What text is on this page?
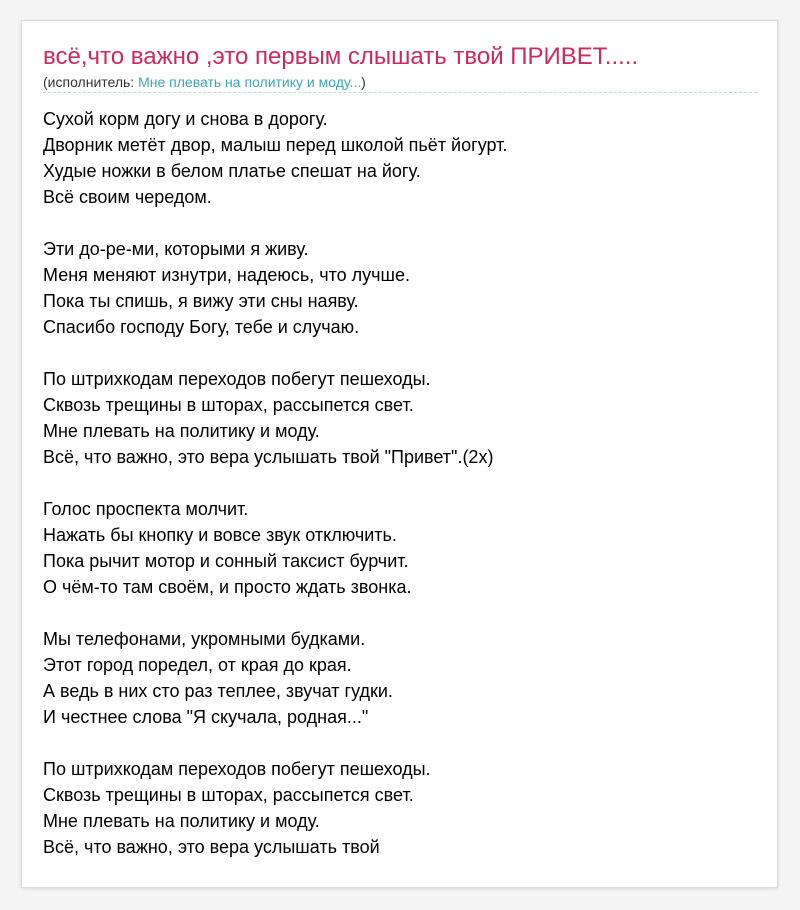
всё,что важно ,это первым слышать твой ПРИВЕТ.....
(исполнитель: Мне плевать на политику и моду...)
Сухой корм догу и снова в дорогу.
Дворник метёт двор, малыш перед школой пьёт йогурт.
Худые ножки в белом платье спешат на йогу.
Всё своим чередом.
Эти до-ре-ми, которыми я живу.
Меня меняют изнутри, надеюсь, что лучше.
Пока ты спишь, я вижу эти сны наяву.
Спасибо господу Богу, тебе и случаю.
По штрихкодам переходов побегут пешеходы.
Сквозь трещины в шторах, рассыпется свет.
Мне плевать на политику и моду.
Всё, что важно, это вера услышать твой "Привет".(2х)
Голос проспекта молчит.
Нажать бы кнопку и вовсе звук отключить.
Пока рычит мотор и сонный таксист бурчит.
О чём-то там своём, и просто ждать звонка.
Мы телефонами, укромными будками.
Этот город поредел, от края до края.
А ведь в них сто раз теплее, звучат гудки.
И честнее слова "Я скучала, родная..."
По штрихкодам переходов побегут пешеходы.
Сквозь трещины в шторах, рассыпется свет.
Мне плевать на политику и моду.
Всё, что важно, это вера услышать твой
